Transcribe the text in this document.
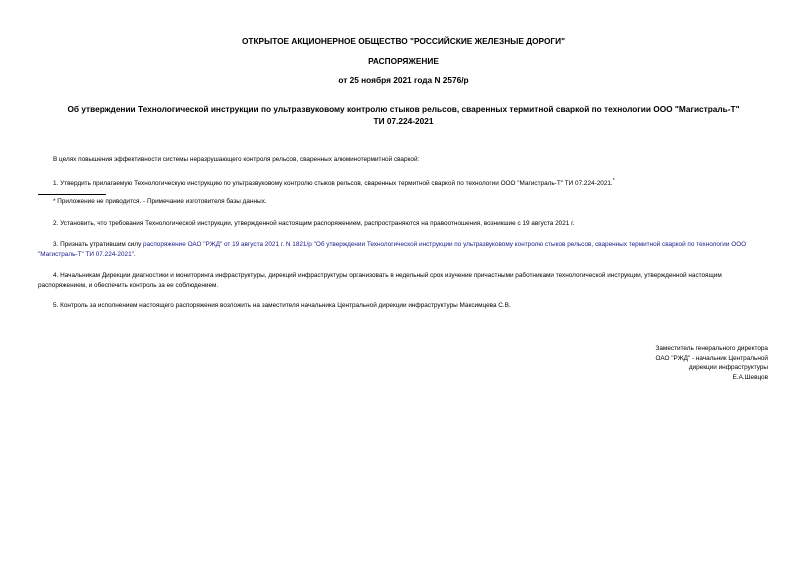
ОТКРЫТОЕ АКЦИОНЕРНОЕ ОБЩЕСТВО "РОССИЙСКИЕ ЖЕЛЕЗНЫЕ ДОРОГИ"
РАСПОРЯЖЕНИЕ
от 25 ноября 2021 года N 2576/р
Об утверждении Технологической инструкции по ультразвуковому контролю стыков рельсов, сваренных термитной сваркой по технологии ООО "Магистраль-Т"
ТИ 07.224-2021
В целях повышения эффективности системы неразрушающего контроля рельсов, сваренных алюминотермитной сваркой:
1. Утвердить прилагаемую Технологическую инструкцию по ультразвуковому контролю стыков рельсов, сваренных термитной сваркой по технологии ООО "Магистраль-Т" ТИ 07.224-2021.*
* Приложение не приводится. - Примечание изготовителя базы данных.
2. Установить, что требования Технологической инструкции, утвержденной настоящим распоряжением, распространяются на правоотношения, возникшие с 19 августа 2021 г.
3. Признать утратившим силу распоряжение ОАО "РЖД" от 19 августа 2021 г. N 1821/р "Об утверждении Технологической инструкции по ультразвуковому контролю стыков рельсов, сваренных термитной сваркой по технологии ООО "Магистраль-Т" ТИ 07.224-2021".
4. Начальникам Дирекции диагностики и мониторинга инфраструктуры, дирекций инфраструктуры организовать в недельный срок изучение причастными работниками технологической инструкции, утвержденной настоящим распоряжением, и обеспечить контроль за ее соблюдением.
5. Контроль за исполнением настоящего распоряжения возложить на заместителя начальника Центральной дирекции инфраструктуры Максимцева С.В.
Заместитель генерального директора
ОАО "РЖД" - начальник Центральной
дирекции инфраструктуры
Е.А.Шевцов
